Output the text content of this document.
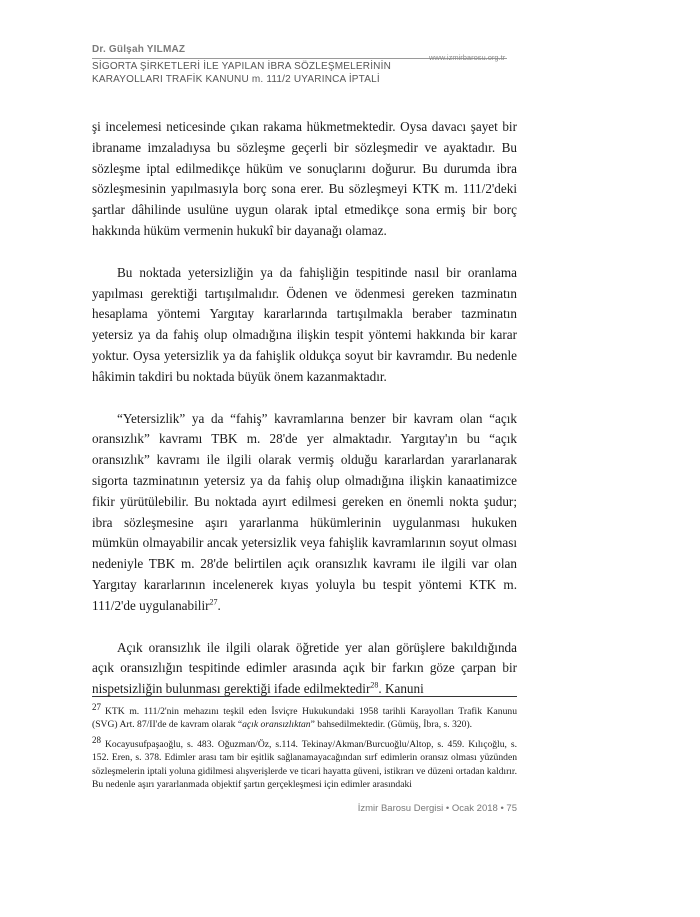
Dr. Gülşah YILMAZ
www.izmirbarosu.org.tr
SİGORTA ŞİRKETLERİ İLE YAPILAN İBRA SÖZLEŞMELERİNİN
KARAYOLLARI TRAFİK KANUNU m. 111/2 UYARINCA İPTALİ

şi incelemesi neticesinde çıkan rakama hükmetmektedir. Oysa davacı şayet bir ibraname imzaladıysa bu sözleşme geçerli bir sözleşmedir ve ayaktadır. Bu sözleşme iptal edilmedikçe hüküm ve sonuçlarını doğurur. Bu durumda ibra sözleşmesinin yapılmasıyla borç sona erer. Bu sözleşmeyi KTK m. 111/2'deki şartlar dâhilinde usulüne uygun olarak iptal etmedikçe sona ermiş bir borç hakkında hüküm vermenin hukukî bir dayanağı olamaz.

Bu noktada yetersizliğin ya da fahişliğin tespitinde nasıl bir oranlama yapılması gerektiği tartışılmalıdır. Ödenen ve ödenmesi gereken tazminatın hesaplama yöntemi Yargıtay kararlarında tartışılmakla beraber tazminatın yetersiz ya da fahiş olup olmadığına ilişkin tespit yöntemi hakkında bir karar yoktur. Oysa yetersizlik ya da fahişlik oldukça soyut bir kavramdır. Bu nedenle hâkimin takdiri bu noktada büyük önem kazanmaktadır.

“Yetersizlik” ya da “fahiş” kavramlarına benzer bir kavram olan “açık oransızlık” kavramı TBK m. 28'de yer almaktadır. Yargıtay'ın bu “açık oransızlık” kavramı ile ilgili olarak vermiş olduğu kararlardan yararlanarak sigorta tazminatının yetersiz ya da fahiş olup olmadığına ilişkin kanaatimizce fikir yürütülebilir. Bu noktada ayırt edilmesi gereken en önemli nokta şudur; ibra sözleşmesine aşırı yararlanma hükümlerinin uygulanması hukuken mümkün olmayabilir ancak yetersizlik veya fahişlik kavramlarının soyut olması nedeniyle TBK m. 28'de belirtilen açık oransızlık kavramı ile ilgili var olan Yargıtay kararlarının incelenerek kıyas yoluyla bu tespit yöntemi KTK m. 111/2'de uygulanabilir$^{27}$.

Açık oransızlık ile ilgili olarak öğretide yer alan görüşlere bakıldığında açık oransızlığın tespitinde edimler arasında açık bir farkın göze çarpan bir nispetsizliğin bulunması gerektiği ifade edilmektedir$^{28}$. Kanuni

27 KTK m. 111/2'nin mehazını teşkil eden İsviçre Hukukundaki 1958 tarihli Karayolları Trafik Kanunu (SVG) Art. 87/II'de de kavram olarak “açık oransızlıktan” bahsedilmektedir. (Gümüş, İbra, s. 320).

28 Kocayusufpaşaoğlu, s. 483. Oğuzman/Öz, s.114. Tekinay/Akman/Burcuoğlu/Altop, s. 459. Kılıçoğlu, s. 152. Eren, s. 378. Edimler arası tam bir eşitlik sağlanamayacağından sırf edimlerin oransız olması yüzünden sözleşmelerin iptali yoluna gidilmesi alışverişlerde ve ticari hayatta güveni, istikrarı ve düzeni ortadan kaldırır. Bu nedenle aşırı yararlanmada objektif şartın gerçekleşmesi için edimler arasındaki

İzmir Barosu Dergisi • Ocak 2018 • 75
